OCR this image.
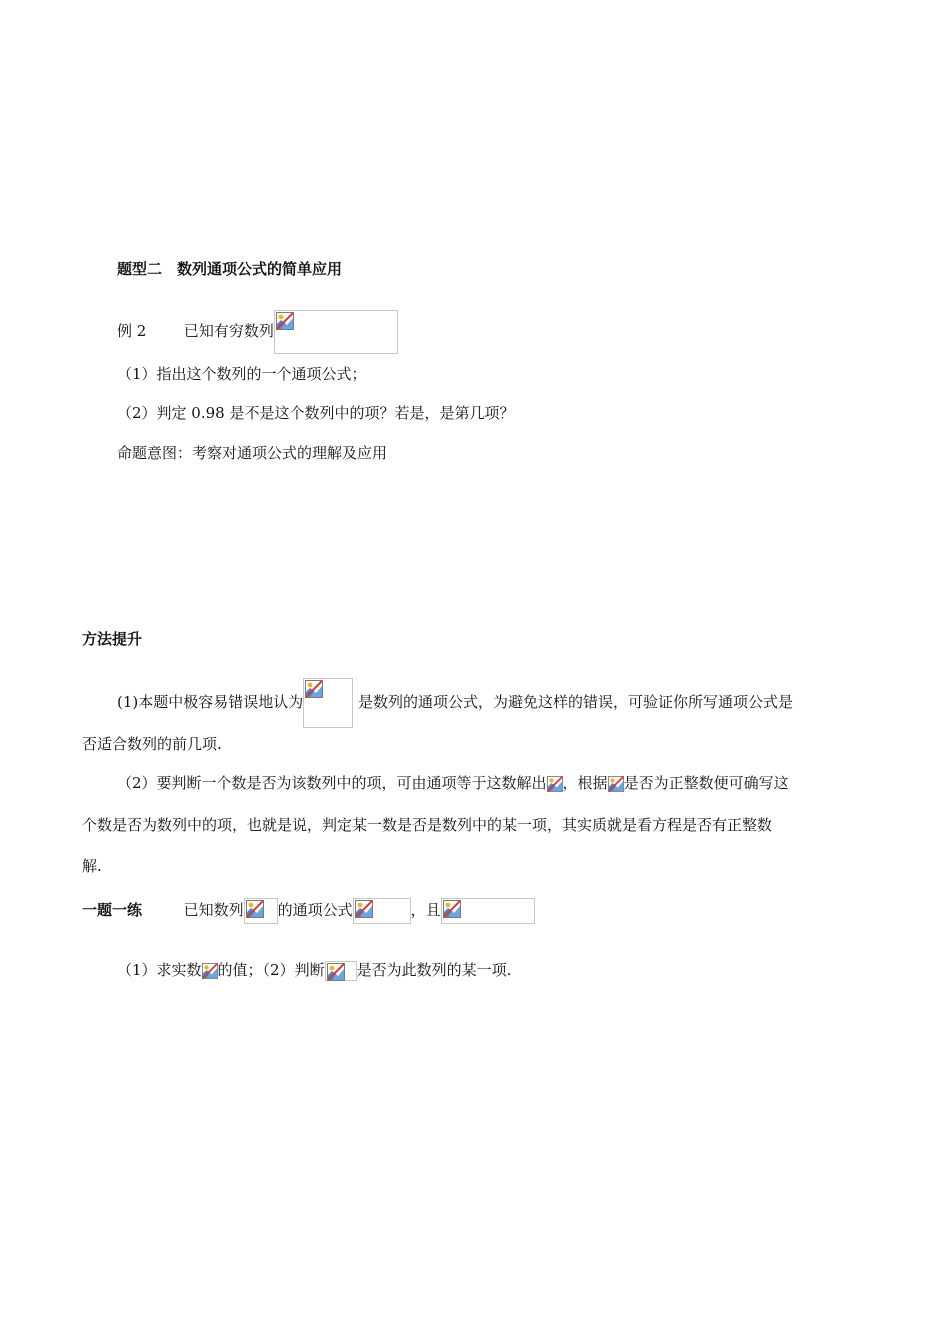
题型二　数列通项公式的简单应用
例 2	已知有穷数列
（1）指出这个数列的一个通项公式；
（2）判定 0.98 是不是这个数列中的项？若是，是第几项？
命题意图：考察对通项公式的理解及应用
方法提升
(1)本题中极容易错误地认为	是数列的通项公式，为避免这样的错误，可验证你所写通项公式是
否适合数列的前几项.
（2）要判断一个数是否为该数列中的项，可由通项等于这数解出 ，根据 是否为正整数便可确写这
个数是否为数列中的项，也就是说，判定某一数是否是数列中的某一项，其实质就是看方程是否有正整数
解.
一题一练	已知数列 的通项公式	，且
（1）求实数 的值；（2）判断 是否为此数列的某一项.
